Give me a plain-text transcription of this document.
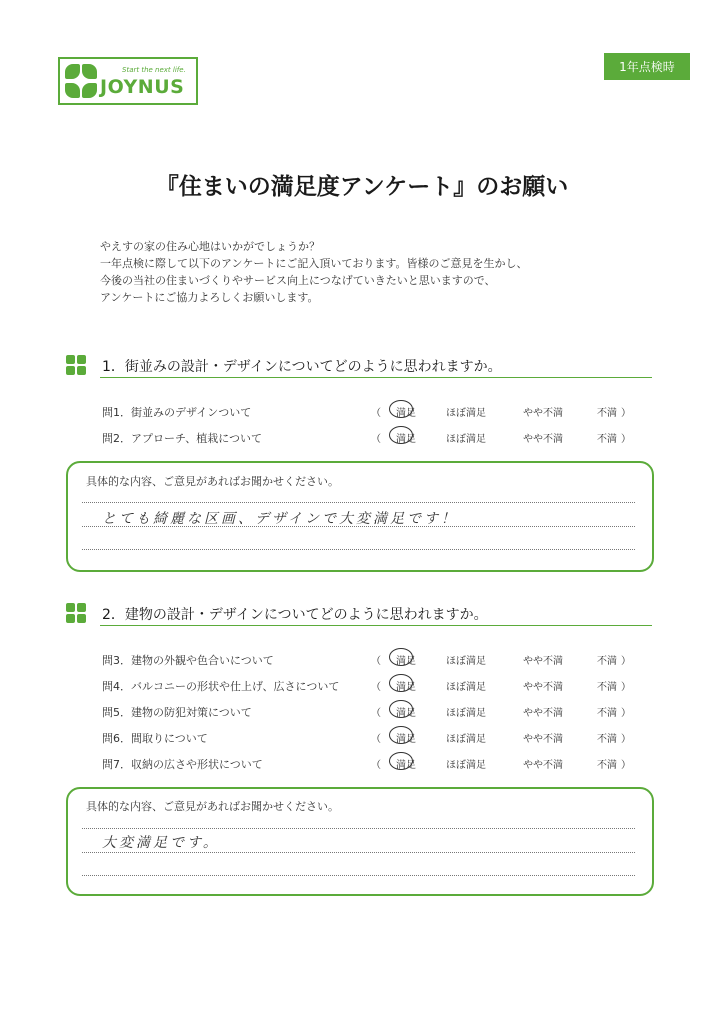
Start the next life.
JOYNUS
1年点検時
『住まいの満足度アンケート』のお願い
やえすの家の住み心地はいかがでしょうか？
一年点検に際して以下のアンケートにご記入頂いております。皆様のご意見を生かし、
今後の当社の住まいづくりやサービス向上につなげていきたいと思いますので、
アンケートにご協力よろしくお願いします。
1．街並みの設計・デザインについてどのように思われますか。
問1．街並みのデザインついて	（ 満足	ほぼ満足	やや不満	不満 ）
問2．アプローチ、植栽について	（ 満足	ほぼ満足	やや不満	不満 ）
具体的な内容、ご意見があればお聞かせください。
とても綺麗な区画、デザインで大変満足です！
2．建物の設計・デザインについてどのように思われますか。
問3．建物の外観や色合いについて	（ 満足	ほぼ満足	やや不満	不満 ）
問4．バルコニーの形状や仕上げ、広さについて	（ 満足	ほぼ満足	やや不満	不満 ）
問5．建物の防犯対策について	（ 満足	ほぼ満足	やや不満	不満 ）
問6．間取りについて	（ 満足	ほぼ満足	やや不満	不満 ）
問7．収納の広さや形状について	（ 満足	ほぼ満足	やや不満	不満 ）
具体的な内容、ご意見があればお聞かせください。
大変満足です。
